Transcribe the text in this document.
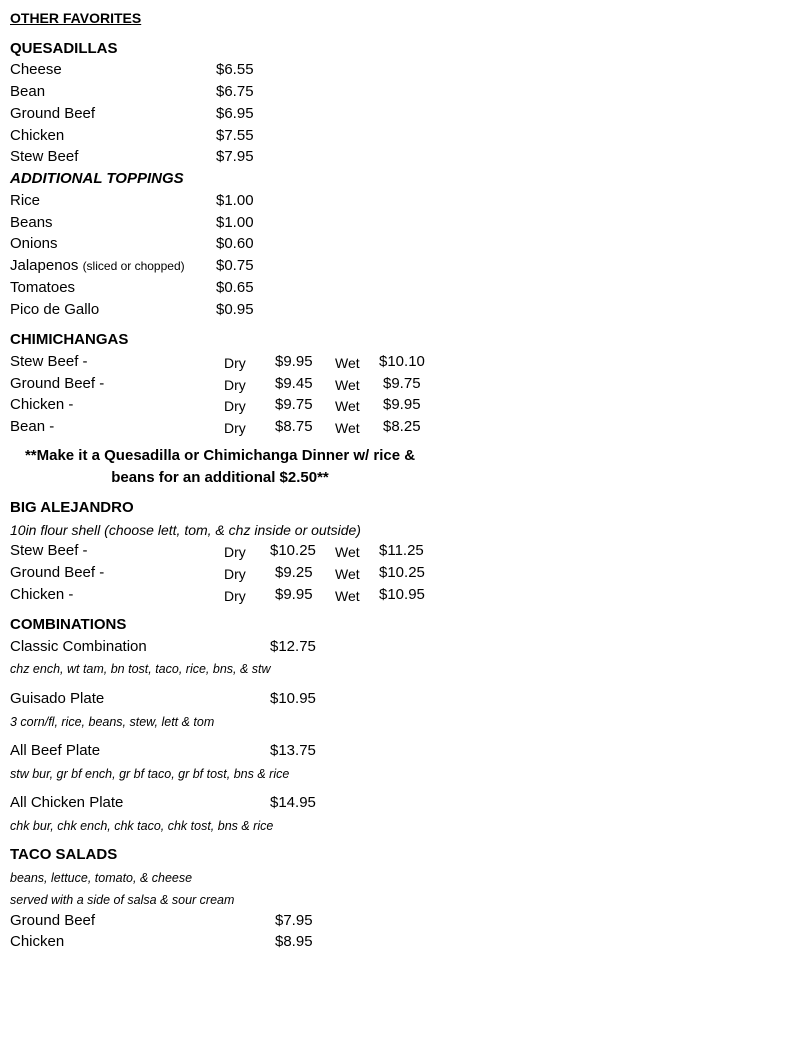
OTHER FAVORITES
QUESADILLAS
Cheese	$6.55
Bean	$6.75
Ground Beef	$6.95
Chicken	$7.55
Stew Beef	$7.95
ADDITIONAL TOPPINGS
Rice	$1.00
Beans	$1.00
Onions	$0.60
Jalapenos (sliced or chopped) $0.75
Tomatoes	$0.65
Pico de Gallo	$0.95
CHIMICHANGAS
Stew Beef -	Dry $9.95 Wet $10.10
Ground Beef -	Dry $9.45 Wet $9.75
Chicken -	Dry $9.75 Wet $9.95
Bean -	Dry $8.75 Wet $8.25
**Make it a Quesadilla or Chimichanga Dinner w/ rice &
beans for an additional $2.50**
BIG ALEJANDRO
10in flour shell (choose lett, tom, & chz inside or outside)
Stew Beef -	Dry $10.25 Wet $11.25
Ground Beef -	Dry $9.25 Wet $10.25
Chicken -	Dry $9.95 Wet $10.95
COMBINATIONS
Classic Combination	$12.75
chz ench, wt tam, bn tost, taco, rice, bns, & stw
Guisado Plate	$10.95
3 corn/fl, rice, beans, stew, lett & tom
All Beef Plate	$13.75
stw bur, gr bf ench, gr bf taco, gr bf tost, bns & rice
All Chicken Plate	$14.95
chk bur, chk ench, chk taco, chk tost, bns & rice
TACO SALADS
beans, lettuce, tomato, & cheese
served with a side of salsa & sour cream
Ground Beef	$7.95
Chicken	$8.95
